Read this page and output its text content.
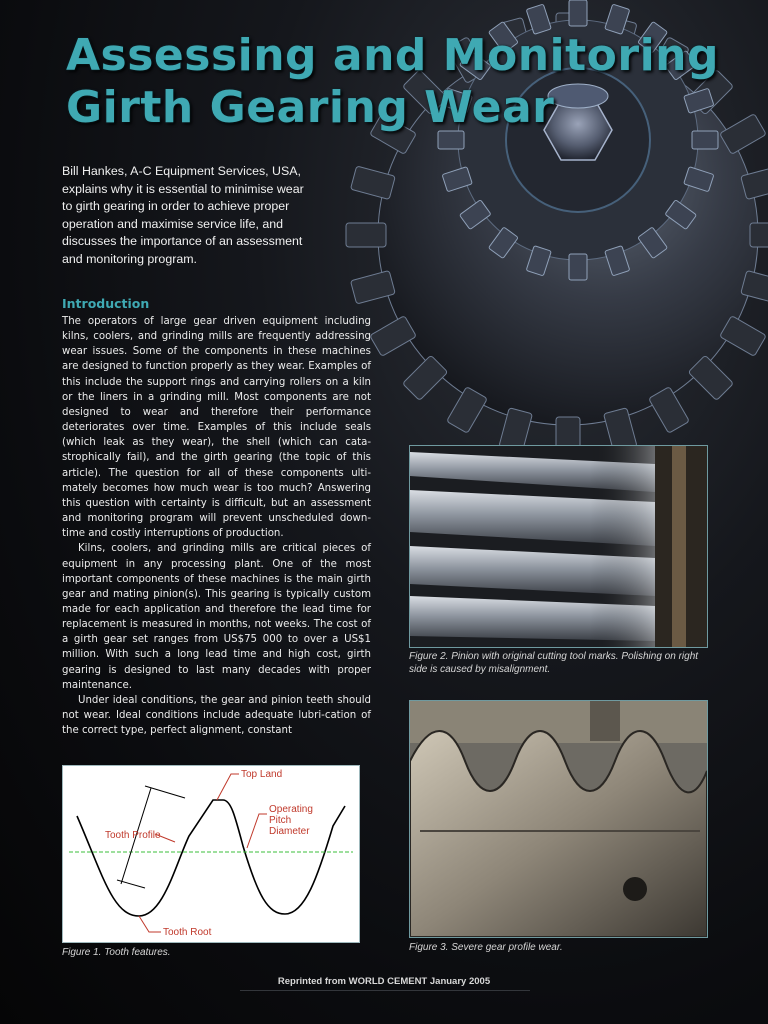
Assessing and Monitoring
Girth Gearing Wear

Bill Hankes, A-C Equipment Services, USA, explains why it is essential to minimise wear to girth gearing in order to achieve proper operation and maximise service life, and discusses the importance of an assessment and monitoring program.

Introduction

The operators of large gear driven equipment including kilns, coolers, and grinding mills are frequently addressing wear issues. Some of the components in these machines are designed to function properly as they wear. Examples of this include the support rings and carrying rollers on a kiln or the liners in a grinding mill. Most components are not designed to wear and therefore their performance deteriorates over time. Examples of this include seals (which leak as they wear), the shell (which can cata-strophically fail), and the girth gearing (the topic of this article). The question for all of these components ulti-mately becomes how much wear is too much? Answering this question with certainty is difficult, but an assessment and monitoring program will prevent unscheduled down-time and costly interruptions of production.

Kilns, coolers, and grinding mills are critical pieces of equipment in any processing plant. One of the most important components of these machines is the main girth gear and mating pinion(s). This gearing is typically custom made for each application and therefore the lead time for replacement is measured in months, not weeks. The cost of a girth gear set ranges from US$75 000 to over a US$1 million. With such a long lead time and high cost, girth gearing is designed to last many decades with proper maintenance.

Under ideal conditions, the gear and pinion teeth should not wear. Ideal conditions include adequate lubri-cation of the correct type, perfect alignment, constant

Top Land
Operating
Pitch
Diameter
Tooth Profile
Tooth Root

Figure 1. Tooth features.

Figure 2. Pinion with original cutting tool marks. Polishing on right side is caused by misalignment.

Figure 3. Severe gear profile wear.

Reprinted from WORLD CEMENT January 2005
